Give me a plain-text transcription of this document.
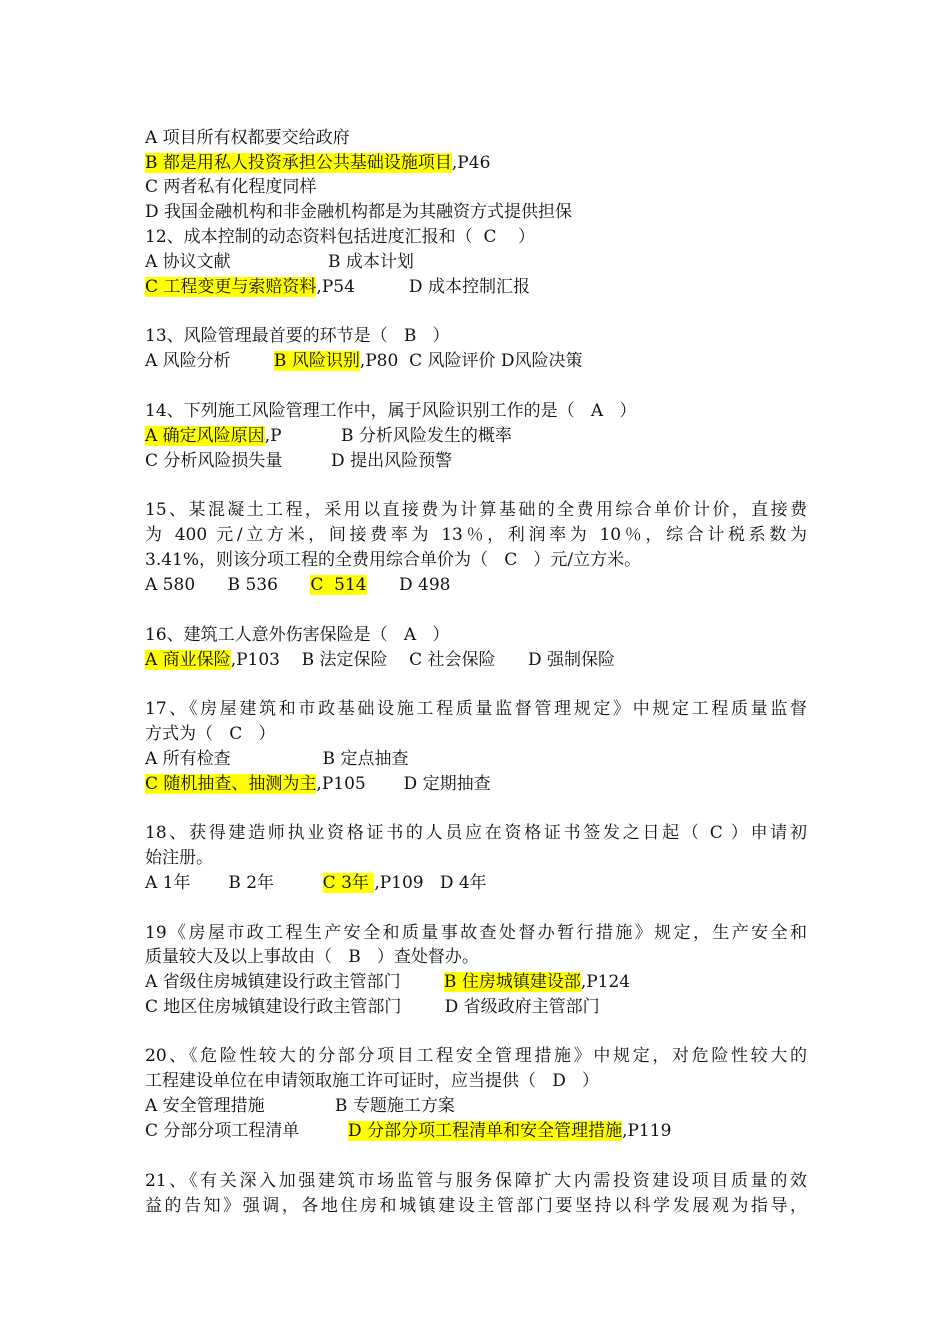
A 项目所有权都要交给政府
B 都是用私人投资承担公共基础设施项目,P46
C 两者私有化程度同样
D 我国金融机构和非金融机构都是为其融资方式提供担保
12、成本控制的动态资料包括进度汇报和（  C    ）
A 协议文献                  B 成本计划
C 工程变更与索赔资料,P54          D 成本控制汇报
13、风险管理最首要的环节是（   B   ）
A 风险分析        B 风险识别,P80  C 风险评价 D风险决策
14、下列施工风险管理工作中，属于风险识别工作的是（   A   ）
A 确定风险原因,P           B 分析风险发生的概率
C 分析风险损失量         D 提出风险预警
15、某混凝土工程，采用以直接费为计算基础的全费用综合单价计价，直接费
为 400 元/立方米，间接费率为 13％，利润率为 10％，综合计税系数为
3.41%，则该分项工程的全费用综合单价为（   C   ）元/立方米。
A 580      B 536      C  514      D 498
16、建筑工人意外伤害保险是（   A   ）
A 商业保险,P103    B 法定保险    C 社会保险      D 强制保险
17、《房屋建筑和市政基础设施工程质量监督管理规定》中规定工程质量监督
方式为（   C   ）
A 所有检查                 B 定点抽查
C 随机抽查、抽测为主,P105       D 定期抽查
18、获得建造师执业资格证书的人员应在资格证书签发之日起（ C ）申请初
始注册。
A 1年       B 2年         C 3年 ,P109   D 4年
19《房屋市政工程生产安全和质量事故查处督办暂行措施》规定，生产安全和
质量较大及以上事故由（   B   ）查处督办。
A 省级住房城镇建设行政主管部门        B 住房城镇建设部,P124
C 地区住房城镇建设行政主管部门        D 省级政府主管部门
20、《危险性较大的分部分项目工程安全管理措施》中规定，对危险性较大的
工程建设单位在申请领取施工许可证时，应当提供（   D   ）
A 安全管理措施             B 专题施工方案
C 分部分项工程清单         D 分部分项工程清单和安全管理措施,P119
21、《有关深入加强建筑市场监管与服务保障扩大内需投资建设项目质量的效
益的告知》强调，各地住房和城镇建设主管部门要坚持以科学发展观为指导，
